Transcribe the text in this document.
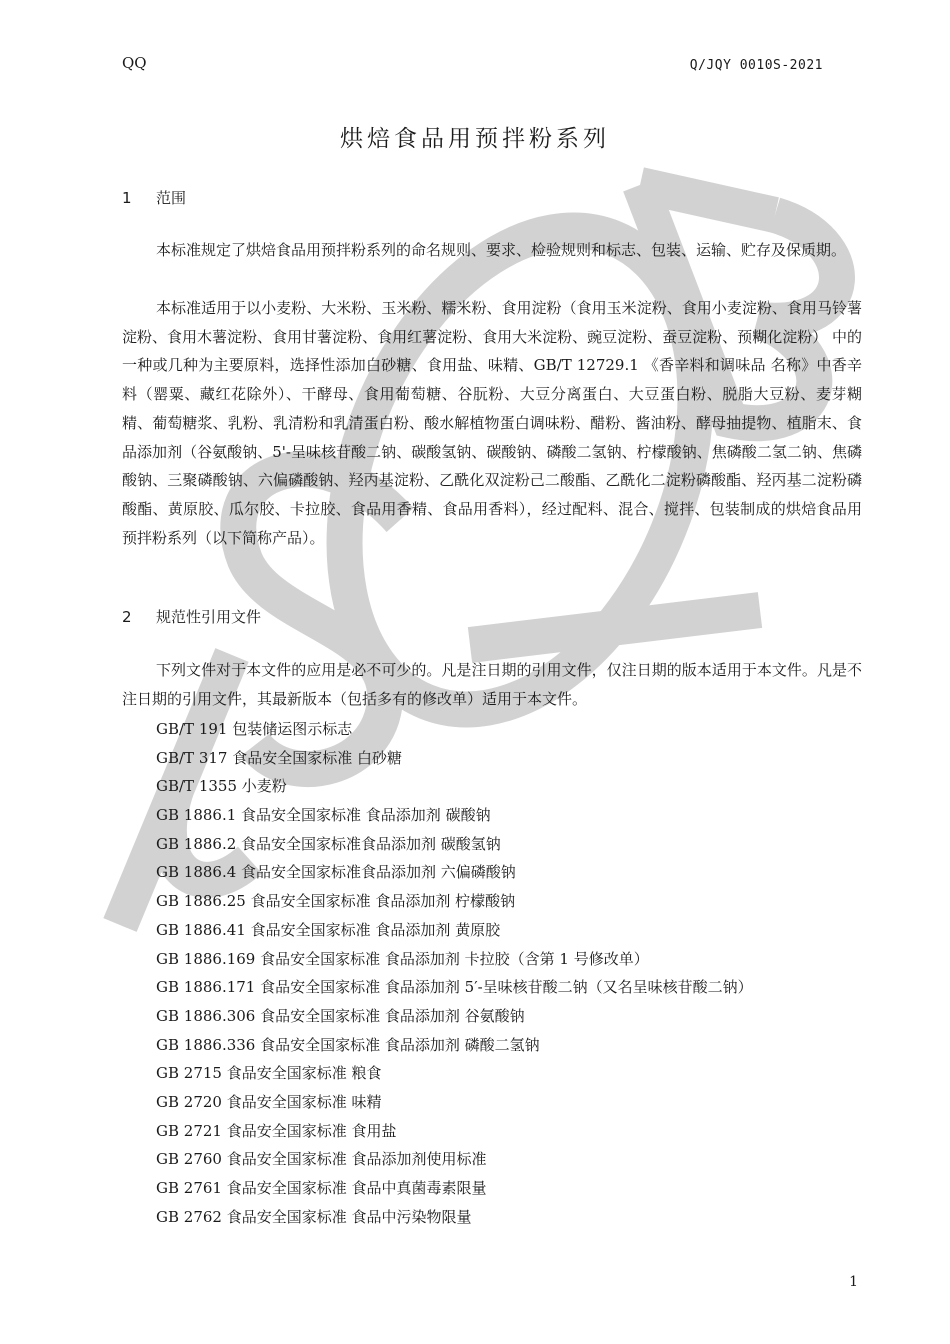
QQ	Q/JQY 0010S-2021
烘焙食品用预拌粉系列
1 范围

本标准规定了烘焙食品用预拌粉系列的命名规则、要求、检验规则和标志、包装、运输、贮存及保质期。

本标准适用于以小麦粉、大米粉、玉米粉、糯米粉、食用淀粉（食用玉米淀粉、食用小麦淀粉、食用马铃薯淀粉、食用木薯淀粉、食用甘薯淀粉、食用红薯淀粉、食用大米淀粉、豌豆淀粉、蚕豆淀粉、预糊化淀粉） 中的一种或几种为主要原料，选择性添加白砂糖、食用盐、味精、GB/T 12729.1 《香辛料和调味品 名称》中香辛料（罂粟、藏红花除外）、干酵母、食用葡萄糖、谷朊粉、大豆分离蛋白、大豆蛋白粉、脱脂大豆粉、麦芽糊精、葡萄糖浆、乳粉、乳清粉和乳清蛋白粉、酸水解植物蛋白调味粉、醋粉、酱油粉、酵母抽提物、植脂末、食品添加剂（谷氨酸钠、5'-呈味核苷酸二钠、碳酸氢钠、碳酸钠、磷酸二氢钠、柠檬酸钠、焦磷酸二氢二钠、焦磷酸钠、三聚磷酸钠、六偏磷酸钠、羟丙基淀粉、乙酰化双淀粉己二酸酯、乙酰化二淀粉磷酸酯、羟丙基二淀粉磷酸酯、黄原胶、瓜尔胶、卡拉胶、食品用香精、食品用香料），经过配料、混合、搅拌、包装制成的烘焙食品用预拌粉系列（以下简称产品）。

2 规范性引用文件

下列文件对于本文件的应用是必不可少的。凡是注日期的引用文件，仅注日期的版本适用于本文件。凡是不注日期的引用文件，其最新版本（包括多有的修改单）适用于本文件。

GB/T 191 包装储运图示标志
GB/T 317 食品安全国家标准 白砂糖
GB/T 1355 小麦粉
GB 1886.1 食品安全国家标准 食品添加剂 碳酸钠
GB 1886.2 食品安全国家标准食品添加剂 碳酸氢钠
GB 1886.4 食品安全国家标准食品添加剂 六偏磷酸钠
GB 1886.25 食品安全国家标准 食品添加剂 柠檬酸钠
GB 1886.41 食品安全国家标准 食品添加剂 黄原胶
GB 1886.169 食品安全国家标准 食品添加剂 卡拉胶（含第 1 号修改单）
GB 1886.171 食品安全国家标准 食品添加剂 5′-呈味核苷酸二钠（又名呈味核苷酸二钠）
GB 1886.306 食品安全国家标准 食品添加剂 谷氨酸钠
GB 1886.336 食品安全国家标准 食品添加剂 磷酸二氢钠
GB 2715 食品安全国家标准 粮食
GB 2720 食品安全国家标准 味精
GB 2721 食品安全国家标准 食用盐
GB 2760 食品安全国家标准 食品添加剂使用标准
GB 2761 食品安全国家标准 食品中真菌毒素限量
GB 2762 食品安全国家标准 食品中污染物限量
1
